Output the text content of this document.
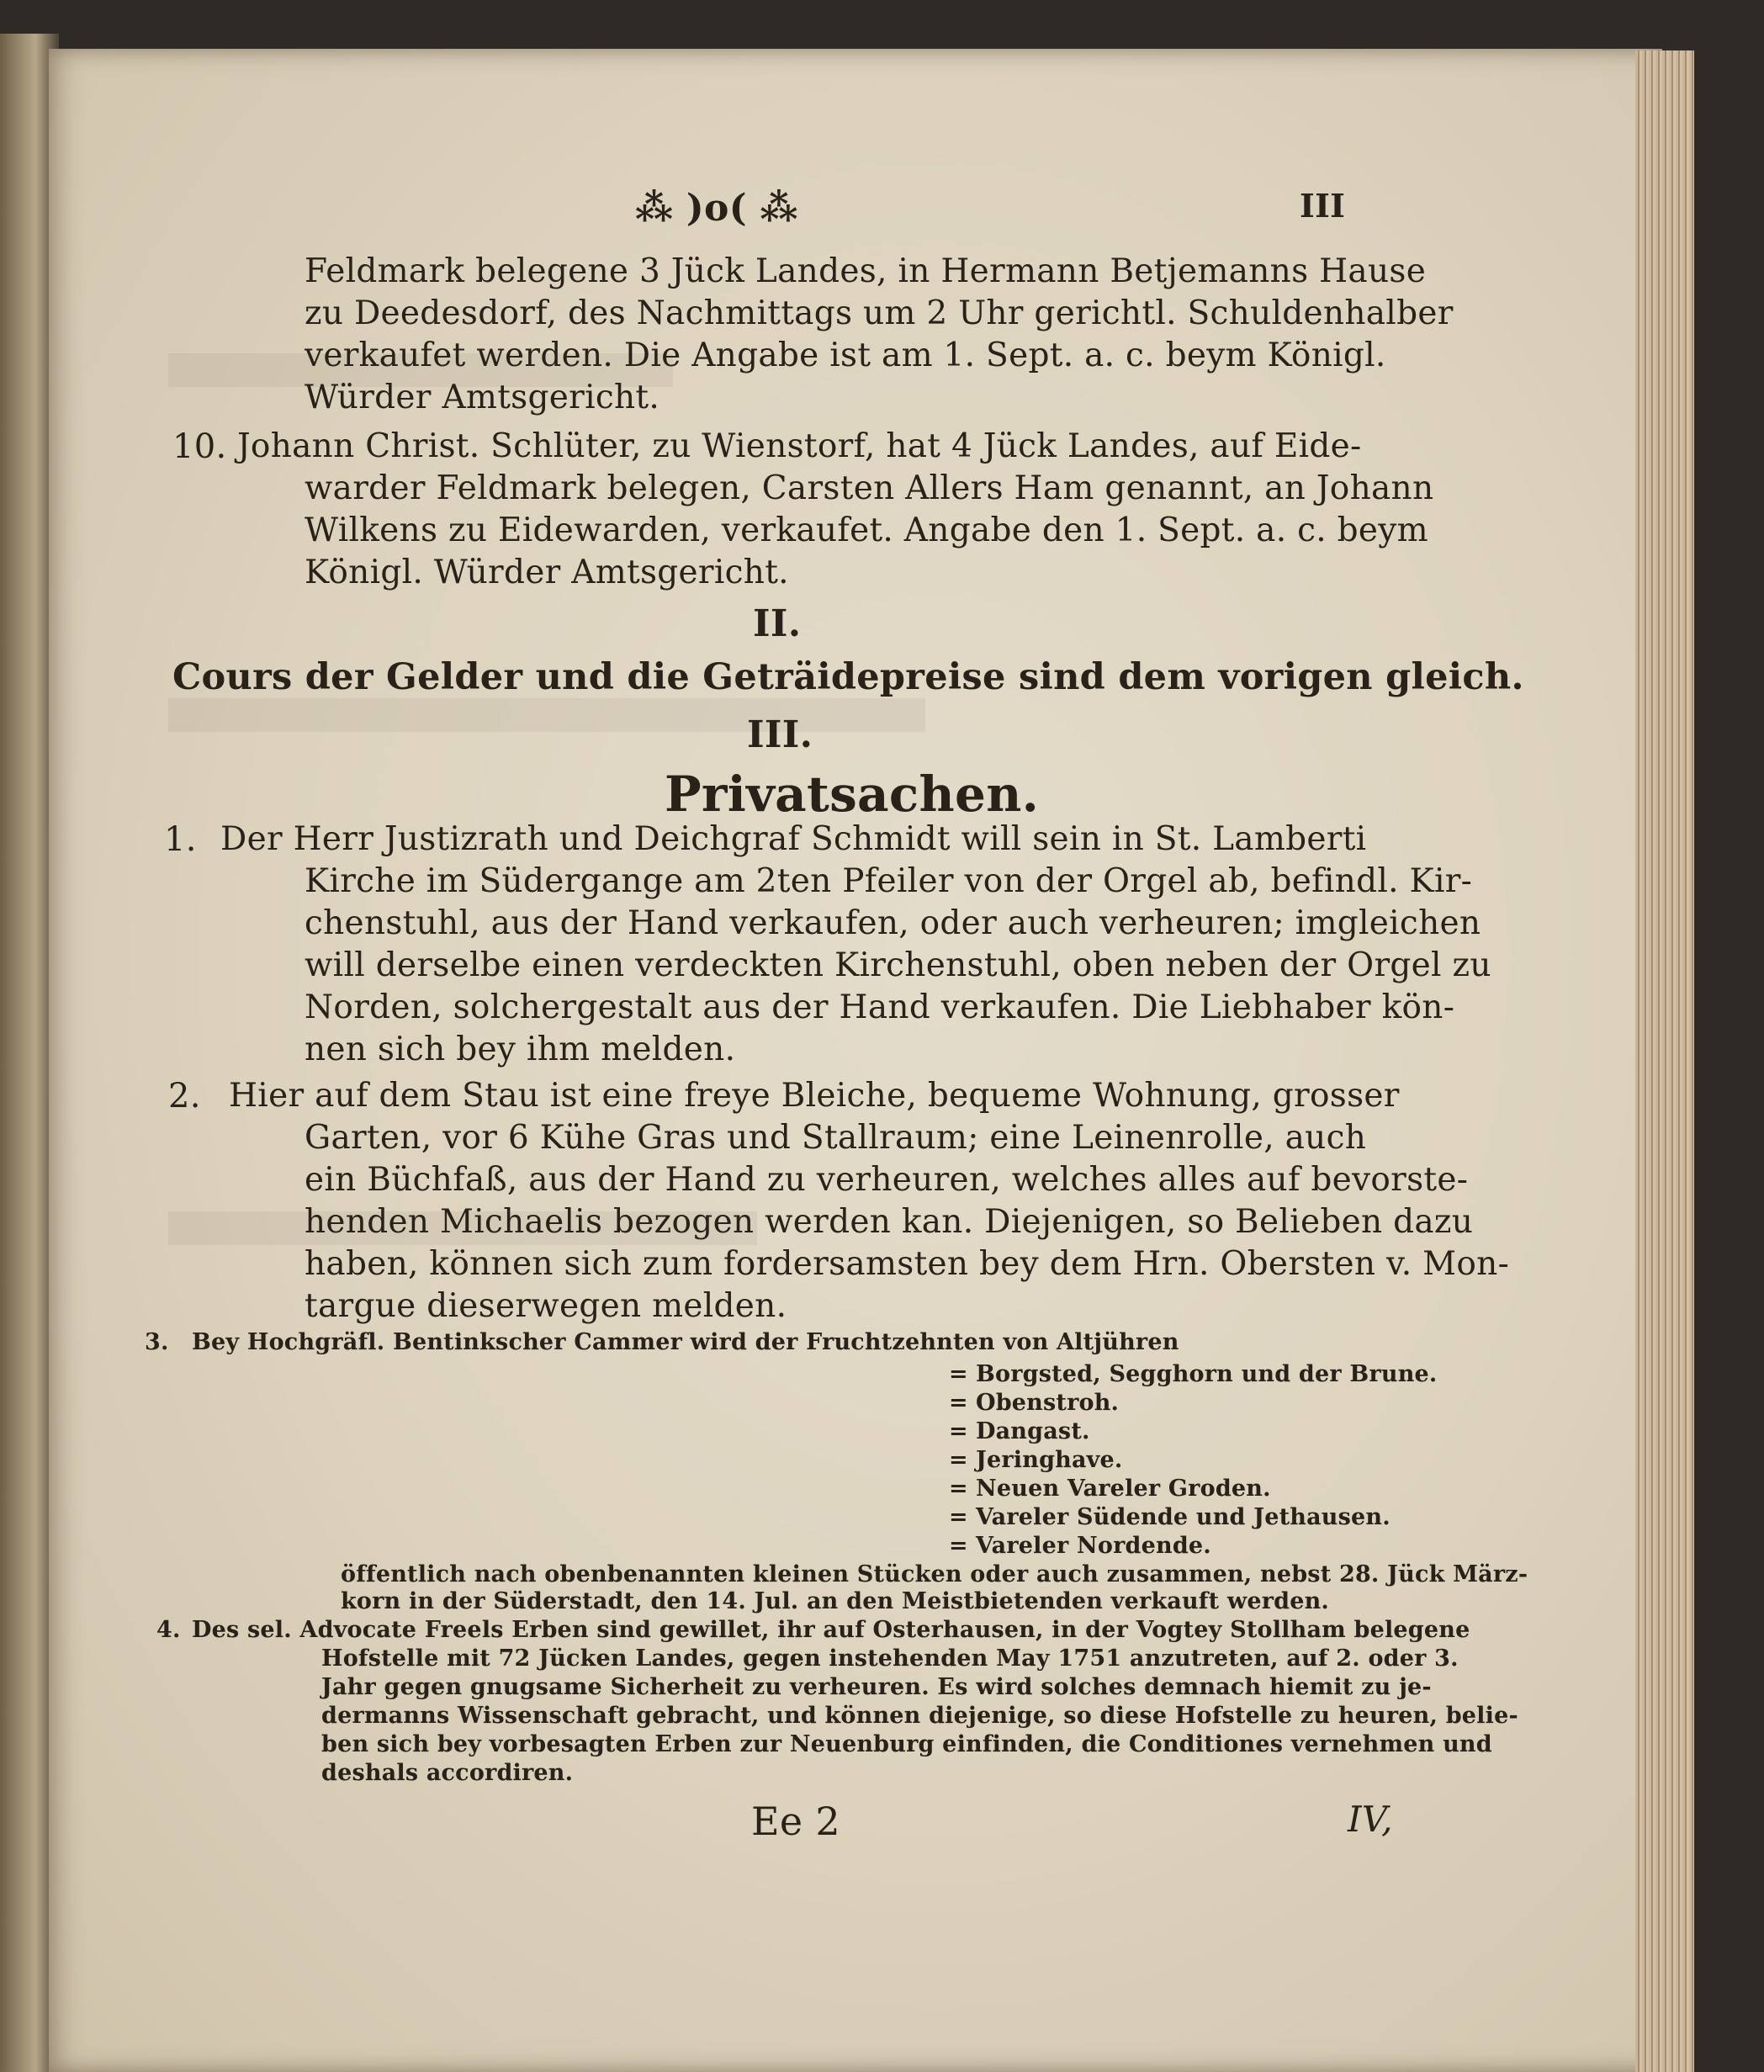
⁂ )o( ⁂	III
Feldmark belegene 3 Jück Landes, in Hermann Betjemanns Hause
zu Deedesdorf, des Nachmittags um 2 Uhr gerichtl. Schuldenhalber
verkaufet werden. Die Angabe ist am 1. Sept. a. c. beym Königl.
Würder Amtsgericht.
10. Johann Christ. Schlüter, zu Wienstorf, hat 4 Jück Landes, auf Eide-
warder Feldmark belegen, Carsten Allers Ham genannt, an Johann
Wilkens zu Eidewarden, verkaufet. Angabe den 1. Sept. a. c. beym
Königl. Würder Amtsgericht.
II.
Cours der Gelder und die Geträidepreise sind dem vorigen gleich.
III.
Privatsachen.
1. Der Herr Justizrath und Deichgraf Schmidt will sein in St. Lamberti
Kirche im Südergange am 2ten Pfeiler von der Orgel ab, befindl. Kir-
chenstuhl, aus der Hand verkaufen, oder auch verheuren; imgleichen
will derselbe einen verdeckten Kirchenstuhl, oben neben der Orgel zu
Norden, solchergestalt aus der Hand verkaufen. Die Liebhaber kön-
nen sich bey ihm melden.
2. Hier auf dem Stau ist eine freye Bleiche, bequeme Wohnung, grosser
Garten, vor 6 Kühe Gras und Stallraum; eine Leinenrolle, auch
ein Büchfaß, aus der Hand zu verheuren, welches alles auf bevorste-
henden Michaelis bezogen werden kan. Diejenigen, so Belieben dazu
haben, können sich zum fordersamsten bey dem Hrn. Obersten v. Mon-
targue dieserwegen melden.
3. Bey Hochgräfl. Bentinkscher Cammer wird der Fruchtzehnten von Altjühren
= Borgsted, Segghorn und der Brune.
= Obenstroh.
= Dangast.
= Jeringhave.
= Neuen Vareler Groden.
= Vareler Südende und Jethausen.
= Vareler Nordende.
öffentlich nach obenbenannten kleinen Stücken oder auch zusammen, nebst 28. Jück März-
korn in der Süderstadt, den 14. Jul. an den Meistbietenden verkauft werden.
4. Des sel. Advocate Freels Erben sind gewillet, ihr auf Osterhausen, in der Vogtey Stollham belegene
Hofstelle mit 72 Jücken Landes, gegen instehenden May 1751 anzutreten, auf 2. oder 3.
Jahr gegen gnugsame Sicherheit zu verheuren. Es wird solches demnach hiemit zu je-
dermanns Wissenschaft gebracht, und können diejenige, so diese Hofstelle zu heuren, belie-
ben sich bey vorbesagten Erben zur Neuenburg einfinden, die Conditiones vernehmen und
deshals accordiren.
Ee 2	IV,
